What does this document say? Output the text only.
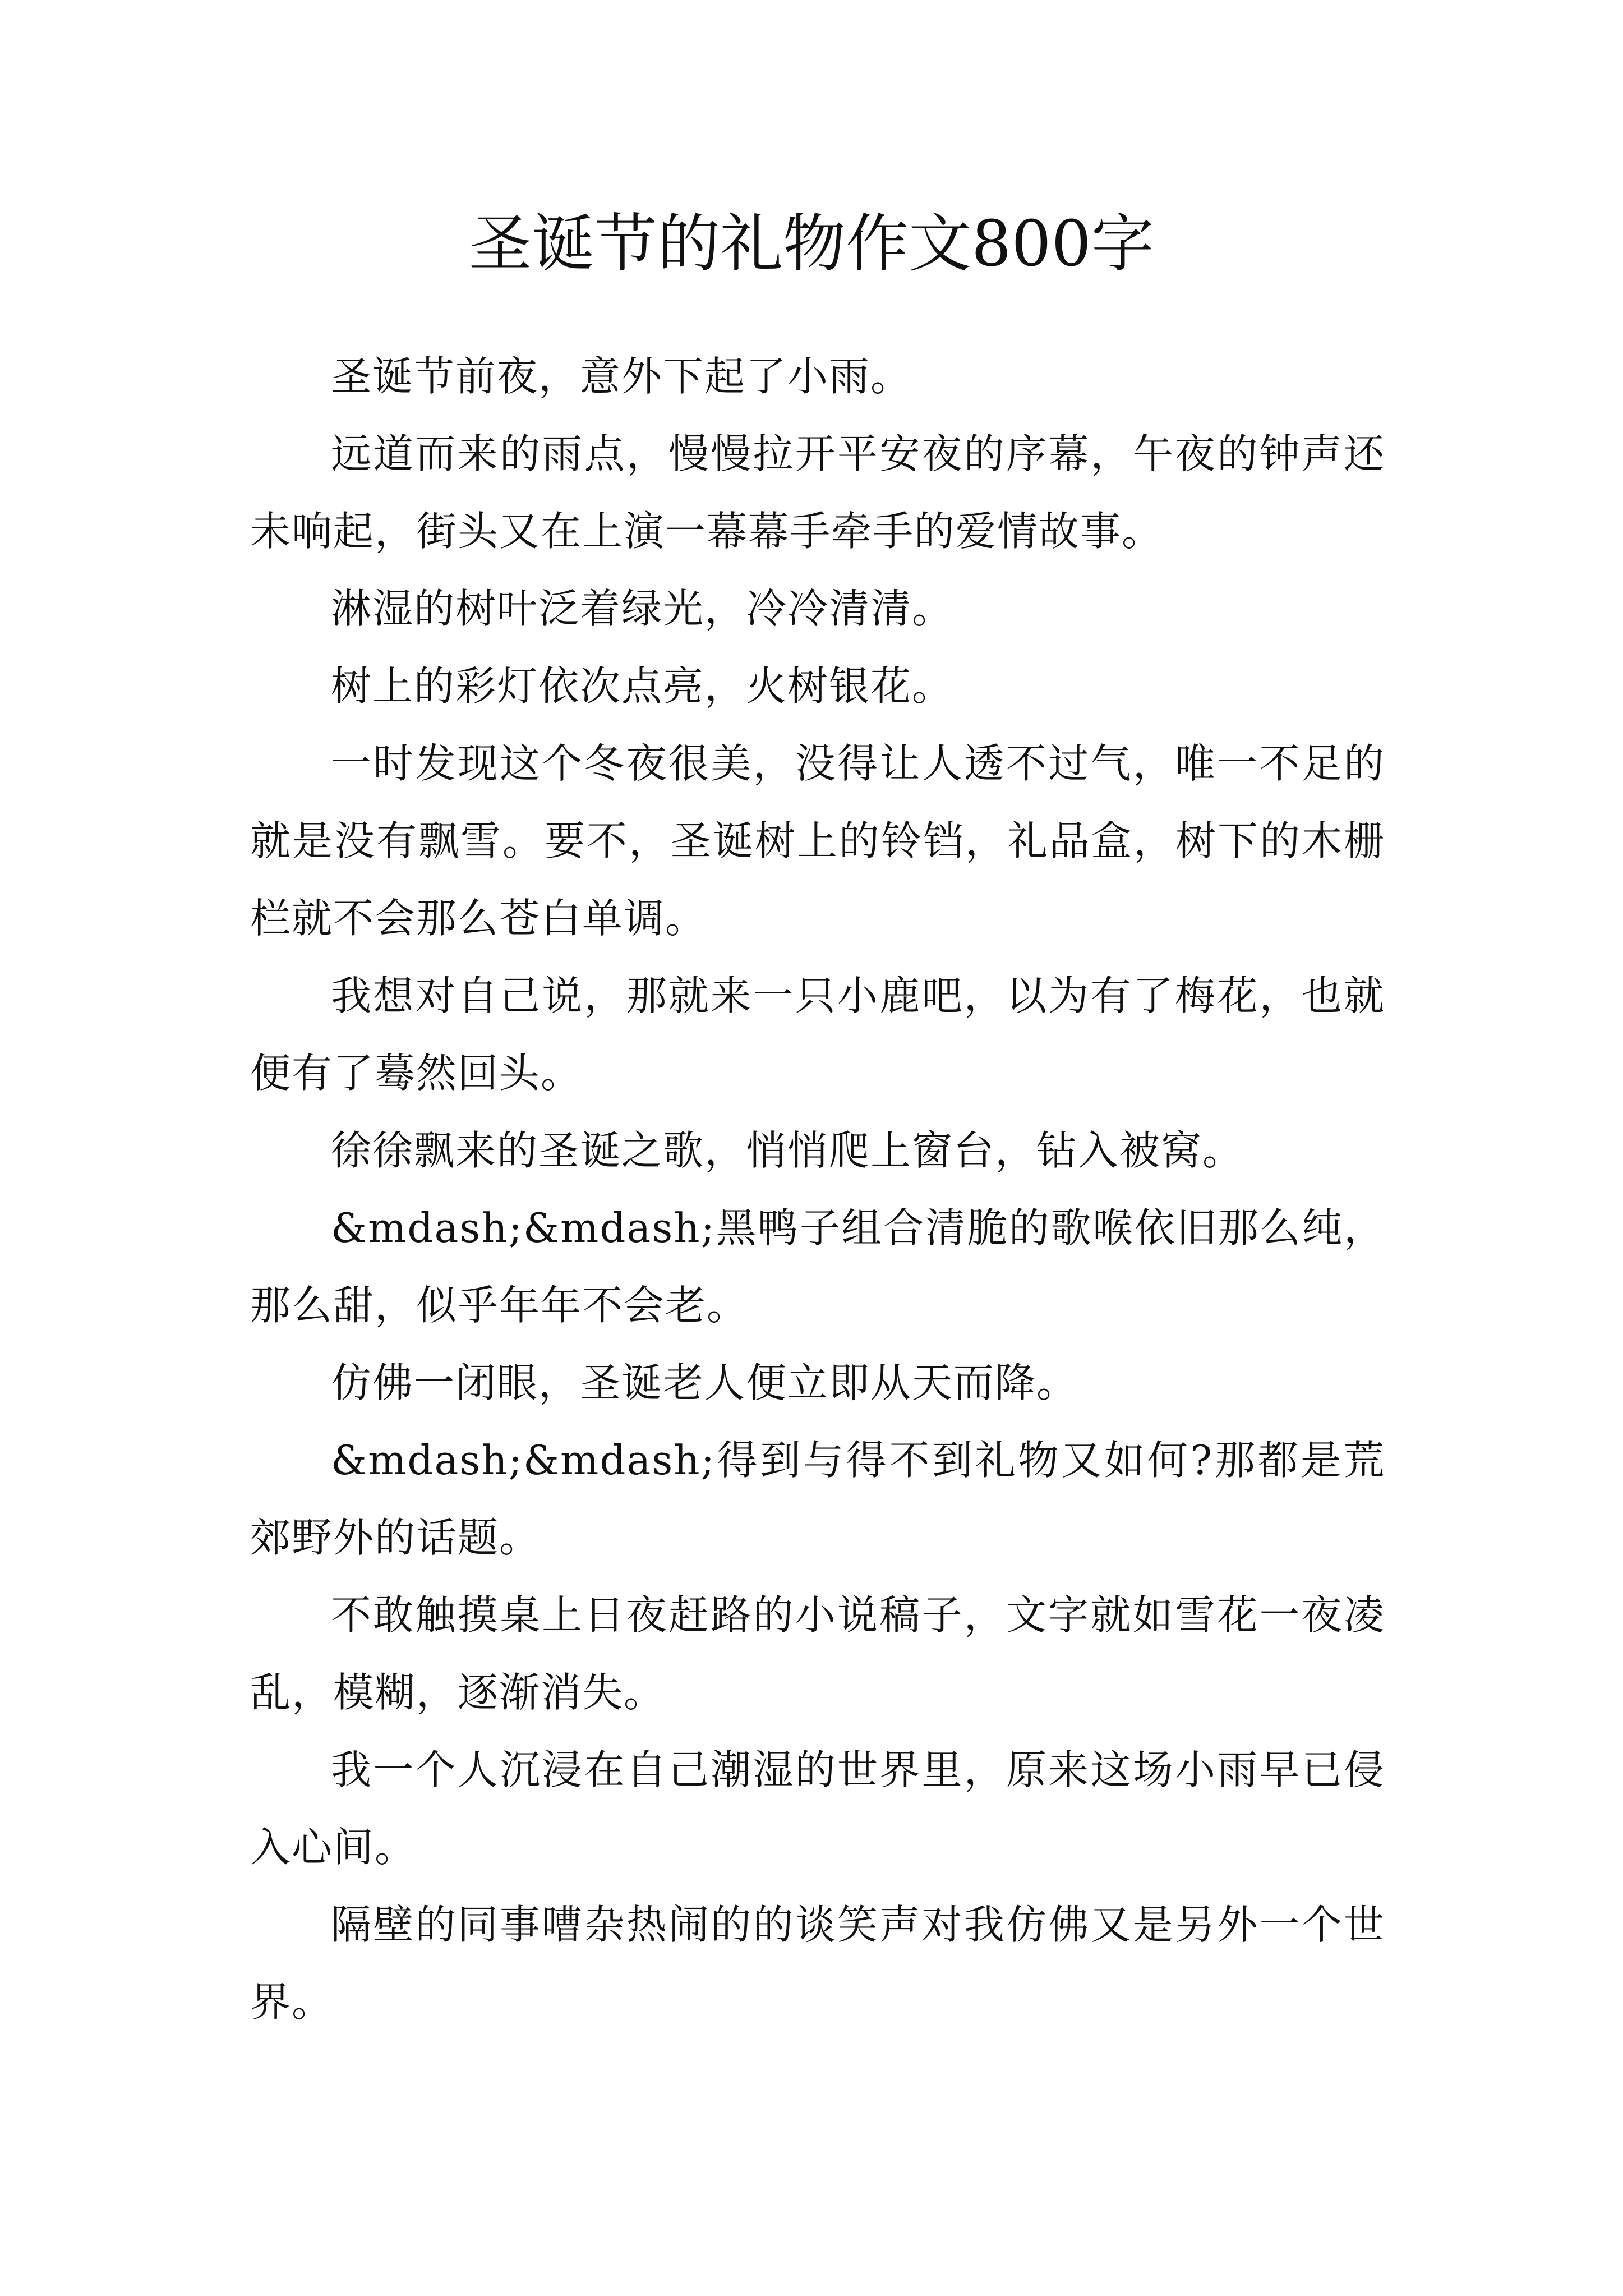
圣诞节的礼物作文800字

圣诞节前夜，意外下起了小雨。

远道而来的雨点，慢慢拉开平安夜的序幕，午夜的钟声还未响起，街头又在上演一幕幕手牵手的爱情故事。

淋湿的树叶泛着绿光，冷冷清清。

树上的彩灯依次点亮，火树银花。

一时发现这个冬夜很美，没得让人透不过气，唯一不足的就是没有飘雪。要不，圣诞树上的铃铛，礼品盒，树下的木栅栏就不会那么苍白单调。

我想对自己说，那就来一只小鹿吧，以为有了梅花，也就便有了蓦然回头。

徐徐飘来的圣诞之歌，悄悄爬上窗台，钻入被窝。

&mdash;&mdash;黑鸭子组合清脆的歌喉依旧那么纯，那么甜，似乎年年不会老。

仿佛一闭眼，圣诞老人便立即从天而降。

&mdash;&mdash;得到与得不到礼物又如何?那都是荒郊野外的话题。

不敢触摸桌上日夜赶路的小说稿子，文字就如雪花一夜凌乱，模糊，逐渐消失。

我一个人沉浸在自己潮湿的世界里，原来这场小雨早已侵入心间。

隔壁的同事嘈杂热闹的的谈笑声对我仿佛又是另外一个世界。
